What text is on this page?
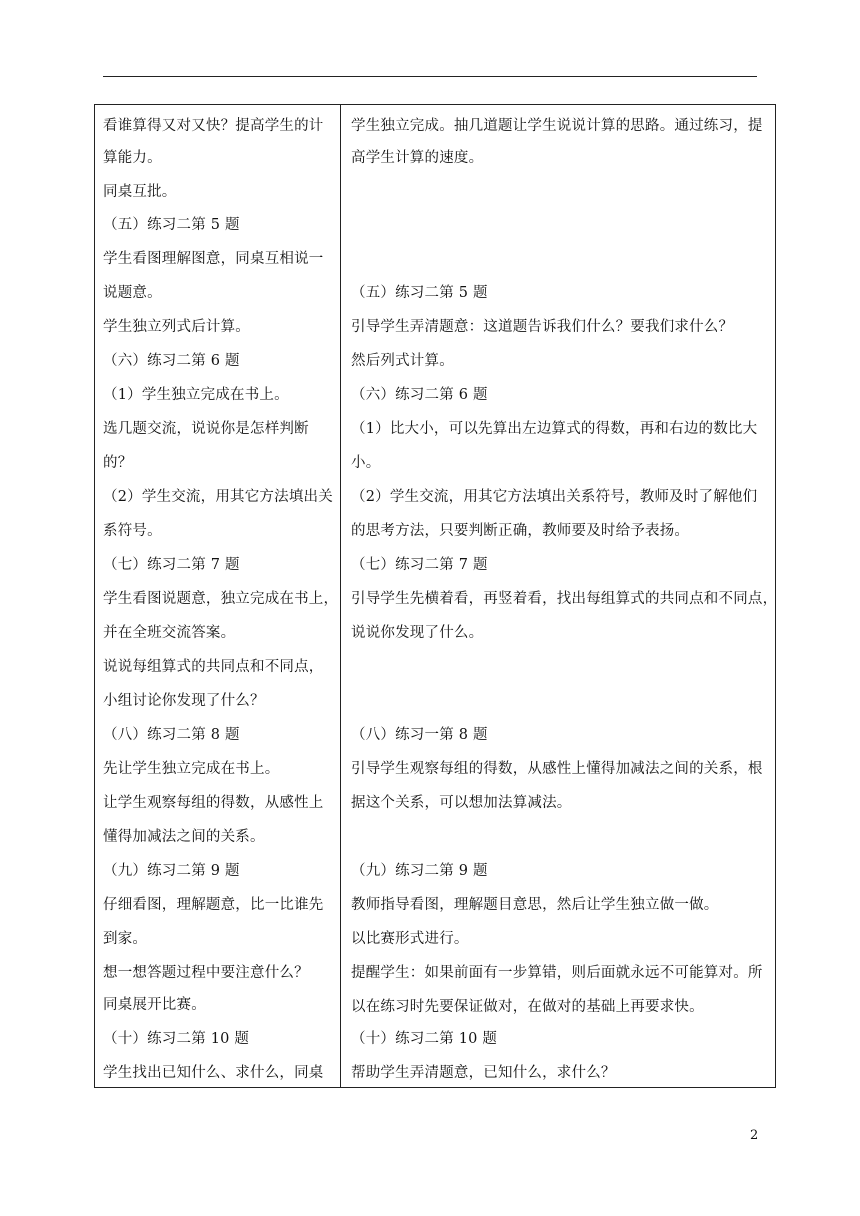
看谁算得又对又快？提高学生的计
算能力。
同桌互批。
（五）练习二第 5 题
学生看图理解图意，同桌互相说一
说题意。
学生独立列式后计算。
（六）练习二第 6 题
（1）学生独立完成在书上。
选几题交流，说说你是怎样判断
的？
（2）学生交流，用其它方法填出关
系符号。
（七）练习二第 7 题
学生看图说题意，独立完成在书上，
并在全班交流答案。
说说每组算式的共同点和不同点，
小组讨论你发现了什么？
（八）练习二第 8 题
先让学生独立完成在书上。
让学生观察每组的得数，从感性上
懂得加减法之间的关系。
（九）练习二第 9 题
仔细看图，理解题意，比一比谁先
到家。
想一想答题过程中要注意什么？
同桌展开比赛。
（十）练习二第 10 题
学生找出已知什么、求什么，同桌
学生独立完成。抽几道题让学生说说计算的思路。通过练习，提
高学生计算的速度。
（五）练习二第 5 题
引导学生弄清题意：这道题告诉我们什么？要我们求什么？
然后列式计算。
（六）练习二第 6 题
（1）比大小，可以先算出左边算式的得数，再和右边的数比大
小。
（2）学生交流，用其它方法填出关系符号，教师及时了解他们
的思考方法，只要判断正确，教师要及时给予表扬。
（七）练习二第 7 题
引导学生先横着看，再竖着看，找出每组算式的共同点和不同点，
说说你发现了什么。
（八）练习一第 8 题
引导学生观察每组的得数，从感性上懂得加减法之间的关系，根
据这个关系，可以想加法算减法。
（九）练习二第 9 题
教师指导看图，理解题目意思，然后让学生独立做一做。
以比赛形式进行。
提醒学生：如果前面有一步算错，则后面就永远不可能算对。所
以在练习时先要保证做对，在做对的基础上再要求快。
（十）练习二第 10 题
帮助学生弄清题意，已知什么，求什么？
2
